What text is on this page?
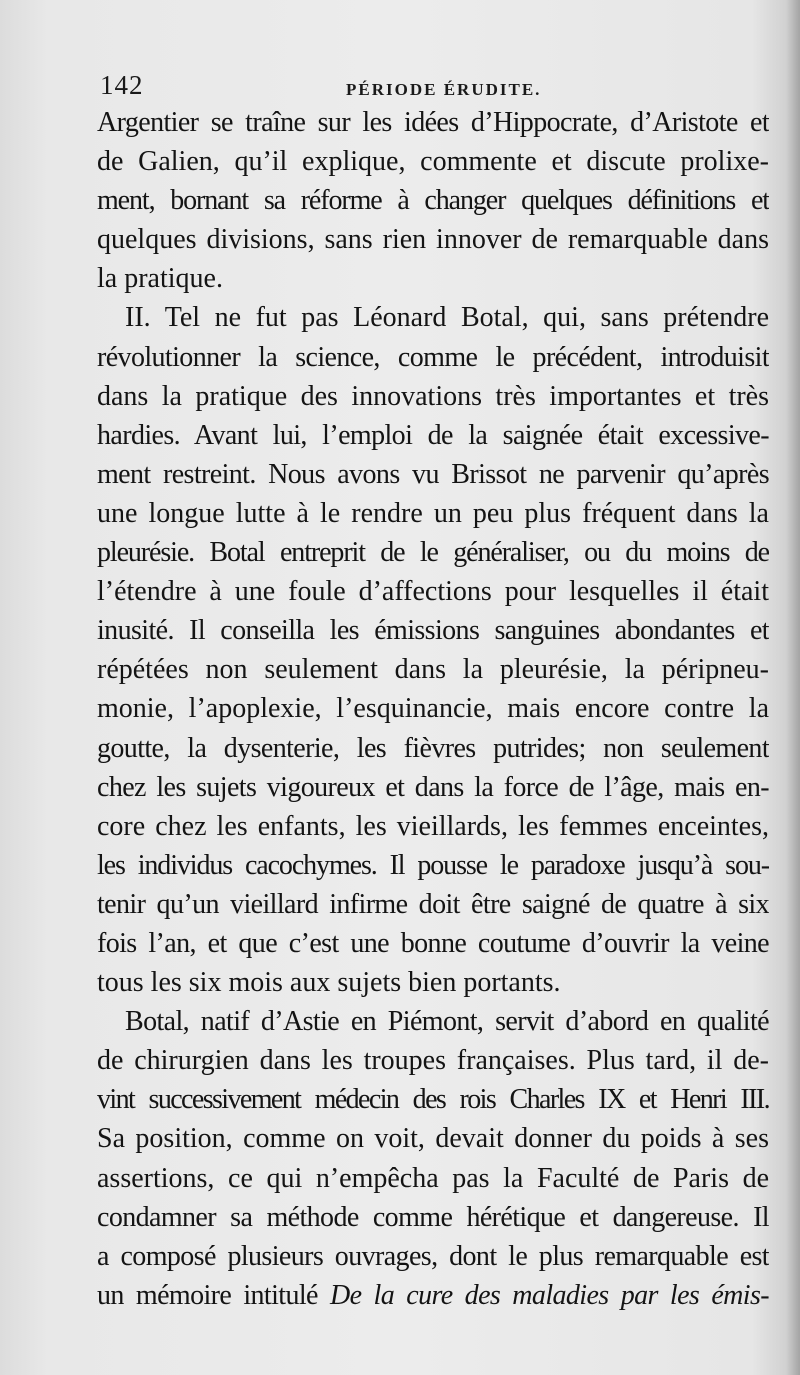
142	PÉRIODE ÉRUDITE.
Argentier se traîne sur les idées d’Hippocrate, d’Aristote et
de Galien, qu’il explique, commente et discute prolixe-
ment, bornant sa réforme à changer quelques définitions et
quelques divisions, sans rien innover de remarquable dans
la pratique.
II. Tel ne fut pas Léonard Botal, qui, sans prétendre
révolutionner la science, comme le précédent, introduisit
dans la pratique des innovations très importantes et très
hardies. Avant lui, l’emploi de la saignée était excessive-
ment restreint. Nous avons vu Brissot ne parvenir qu’après
une longue lutte à le rendre un peu plus fréquent dans la
pleurésie. Botal entreprit de le généraliser, ou du moins de
l’étendre à une foule d’affections pour lesquelles il était
inusité. Il conseilla les émissions sanguines abondantes et
répétées non seulement dans la pleurésie, la péripneu-
monie, l’apoplexie, l’esquinancie, mais encore contre la
goutte, la dysenterie, les fièvres putrides; non seulement
chez les sujets vigoureux et dans la force de l’âge, mais en-
core chez les enfants, les vieillards, les femmes enceintes,
les individus cacochymes. Il pousse le paradoxe jusqu’à sou-
tenir qu’un vieillard infirme doit être saigné de quatre à six
fois l’an, et que c’est une bonne coutume d’ouvrir la veine
tous les six mois aux sujets bien portants.
Botal, natif d’Astie en Piémont, servit d’abord en qualité
de chirurgien dans les troupes françaises. Plus tard, il de-
vint successivement médecin des rois Charles IX et Henri III.
Sa position, comme on voit, devait donner du poids à ses
assertions, ce qui n’empêcha pas la Faculté de Paris de
condamner sa méthode comme hérétique et dangereuse. Il
a composé plusieurs ouvrages, dont le plus remarquable est
un mémoire intitulé De la cure des maladies par les émis-
